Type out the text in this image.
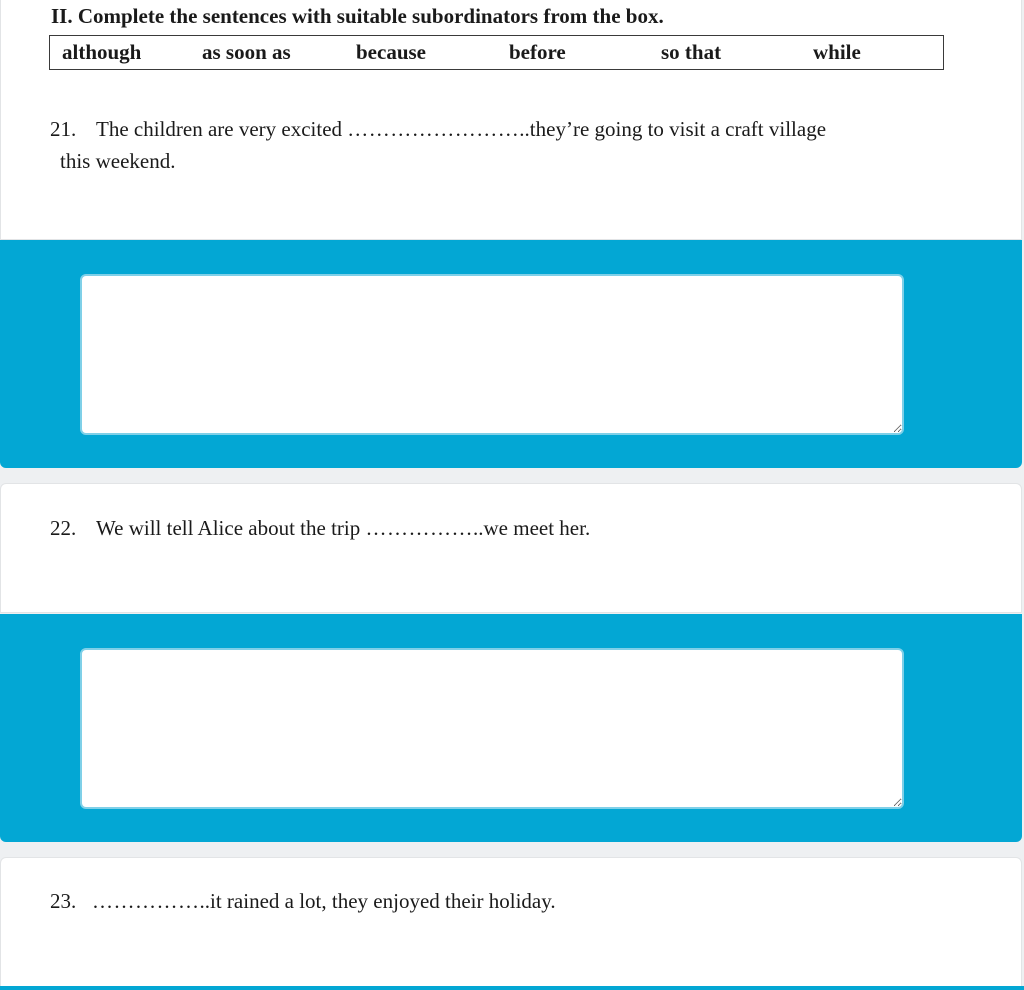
II. Complete the sentences with suitable subordinators from the box.
although	as soon as	because	before	so that	while
21. The children are very excited ……………………..they’re going to visit a craft village
this weekend.
22. We will tell Alice about the trip ……………..we meet her.
23. ……………..it rained a lot, they enjoyed their holiday.
